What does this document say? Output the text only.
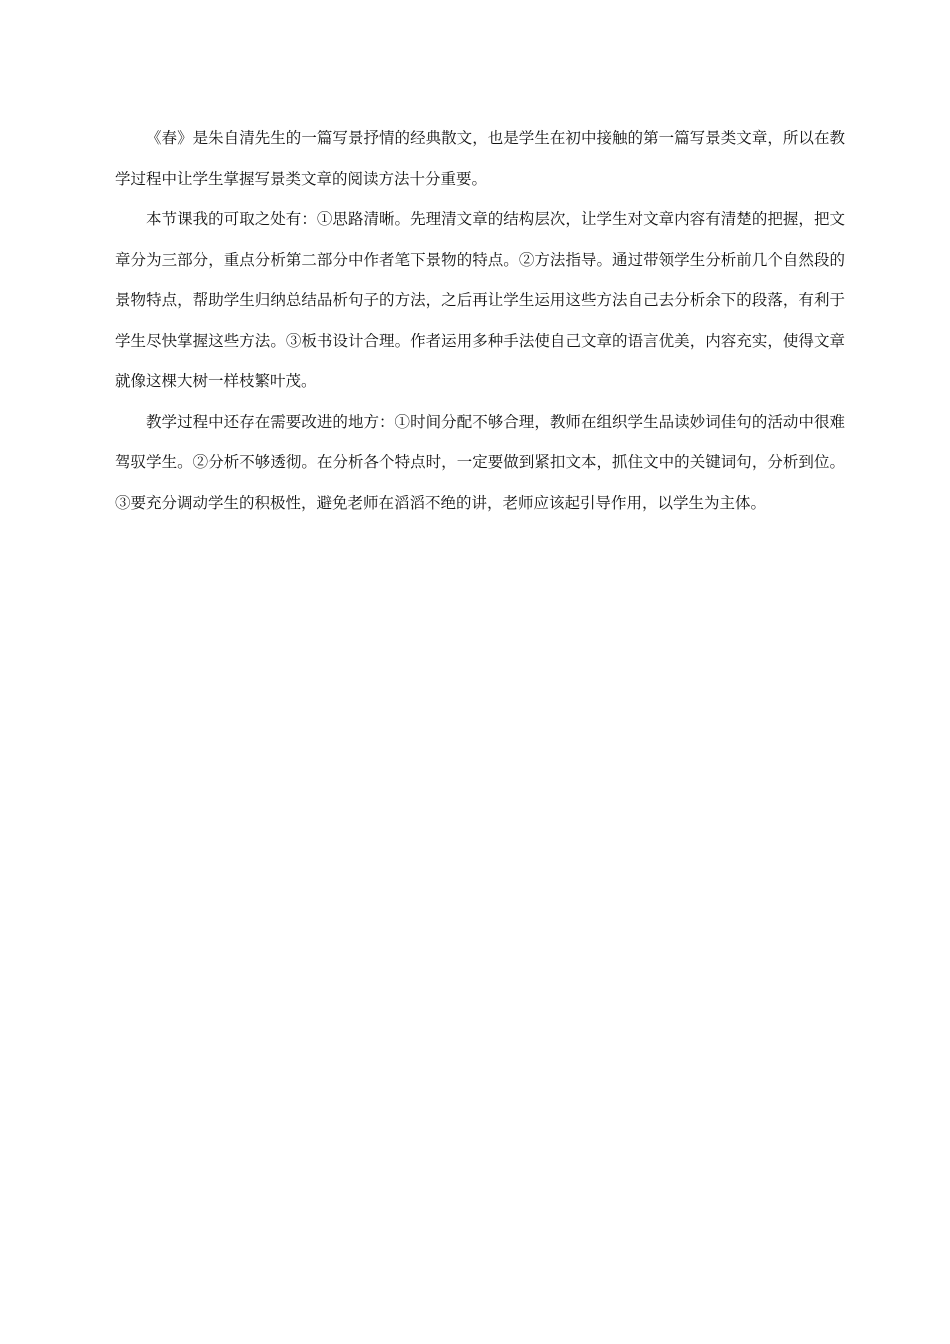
《春》是朱自清先生的一篇写景抒情的经典散文，也是学生在初中接触的第一篇写景类文章，所以在教学过程中让学生掌握写景类文章的阅读方法十分重要。

本节课我的可取之处有：①思路清晰。先理清文章的结构层次，让学生对文章内容有清楚的把握，把文章分为三部分，重点分析第二部分中作者笔下景物的特点。②方法指导。通过带领学生分析前几个自然段的景物特点，帮助学生归纳总结品析句子的方法，之后再让学生运用这些方法自己去分析余下的段落，有利于学生尽快掌握这些方法。③板书设计合理。作者运用多种手法使自己文章的语言优美，内容充实，使得文章就像这棵大树一样枝繁叶茂。

教学过程中还存在需要改进的地方：①时间分配不够合理，教师在组织学生品读妙词佳句的活动中很难驾驭学生。②分析不够透彻。在分析各个特点时，一定要做到紧扣文本，抓住文中的关键词句，分析到位。③要充分调动学生的积极性，避免老师在滔滔不绝的讲，老师应该起引导作用，以学生为主体。
